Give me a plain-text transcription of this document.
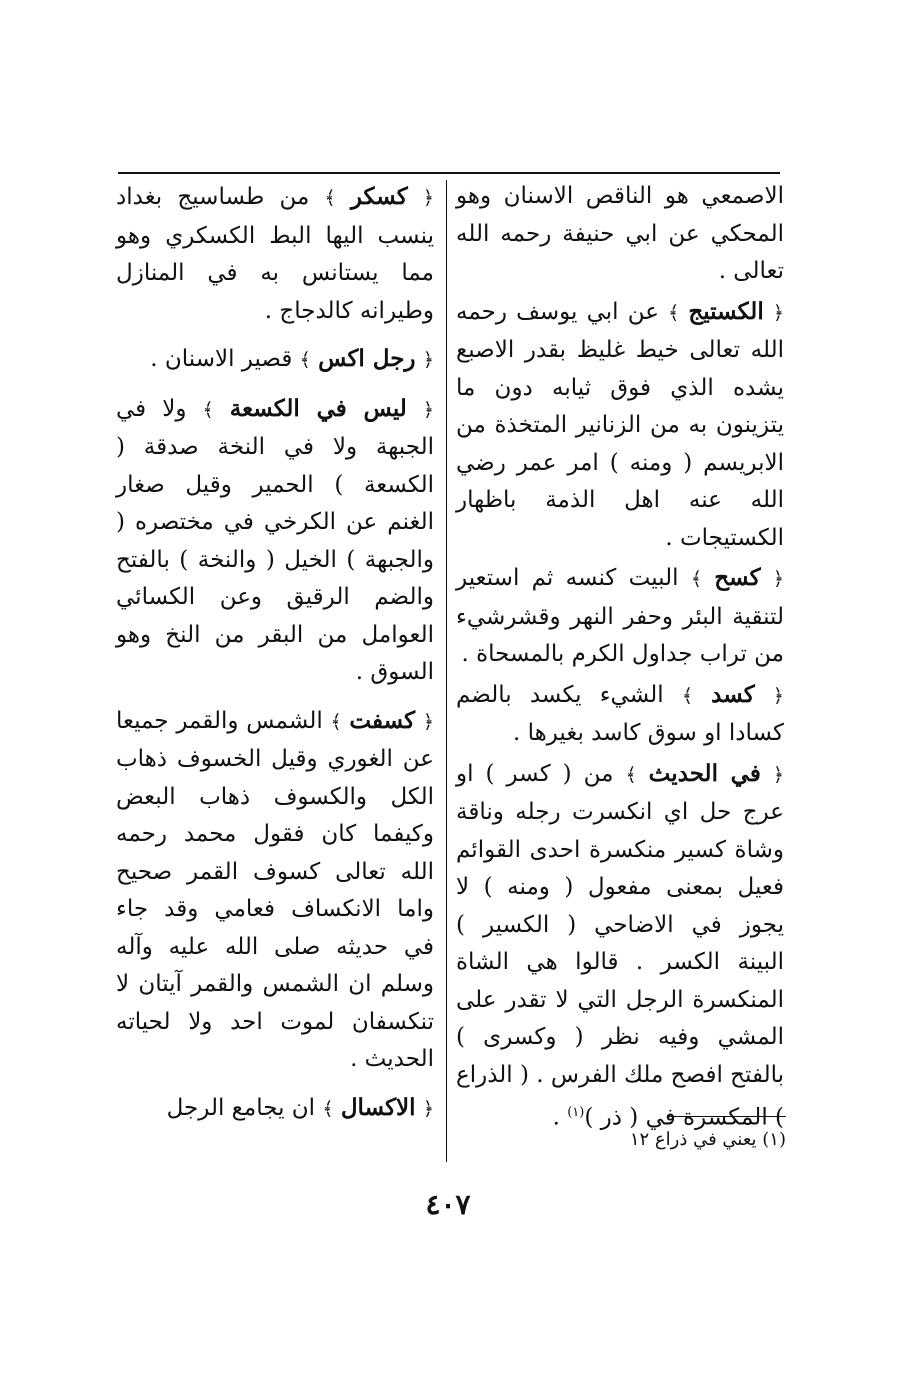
الاصمعي هو الناقص الاسنان وهو المحكي عن ابي حنيفة رحمه الله تعالى .

﴿ الكستيج ﴾ عن ابي يوسف رحمه الله تعالى خيط غليظ بقدر الاصبع يشده الذي فوق ثيابه دون ما يتزينون به من الزنانير المتخذة من الابريسم ( ومنه ) امر عمر رضي الله عنه اهل الذمة باظهار الكستيجات .

﴿ كسح ﴾ البيت كنسه ثم استعير لتنقية البئر وحفر النهر وقشرشيء من تراب جداول الكرم بالمسحاة .

﴿ كسد ﴾ الشيء يكسد بالضم كسادا او سوق كاسد بغيرها .

﴿ في الحديث ﴾ من ( كسر ) او عرج حل اي انكسرت رجله وناقة وشاة كسير منكسرة احدى القوائم فعيل بمعنى مفعول ( ومنه ) لا يجوز في الاضاحي ( الكسير ) البينة الكسر . قالوا هي الشاة المنكسرة الرجل التي لا تقدر على المشي وفيه نظر ( وكسرى ) بالفتح افصح ملك الفرس . ( الذراع ) المكسرة في ( ذر )$^{(١)}$ .

﴿ كسكر ﴾ من طساسيج بغداد ينسب اليها البط الكسكري وهو مما يستانس به في المنازل وطيرانه كالدجاج .

﴿ رجل اكس ﴾ قصير الاسنان .

﴿ ليس في الكسعة ﴾ ولا في الجبهة ولا في النخة صدقة ( الكسعة ) الحمير وقيل صغار الغنم عن الكرخي في مختصره ( والجبهة ) الخيل ( والنخة ) بالفتح والضم الرقيق وعن الكسائي العوامل من البقر من النخ وهو السوق .

﴿ كسفت ﴾ الشمس والقمر جميعا عن الغوري وقيل الخسوف ذهاب الكل والكسوف ذهاب البعض وكيفما كان فقول محمد رحمه الله تعالى كسوف القمر صحيح واما الانكساف فعامي وقد جاء في حديثه صلى الله عليه وآله وسلم ان الشمس والقمر آيتان لا تنكسفان لموت احد ولا لحياته الحديث .

﴿ الاكسال ﴾ ان يجامع الرجل

(١) يعني في ذراع ١٢
٤٠٧
